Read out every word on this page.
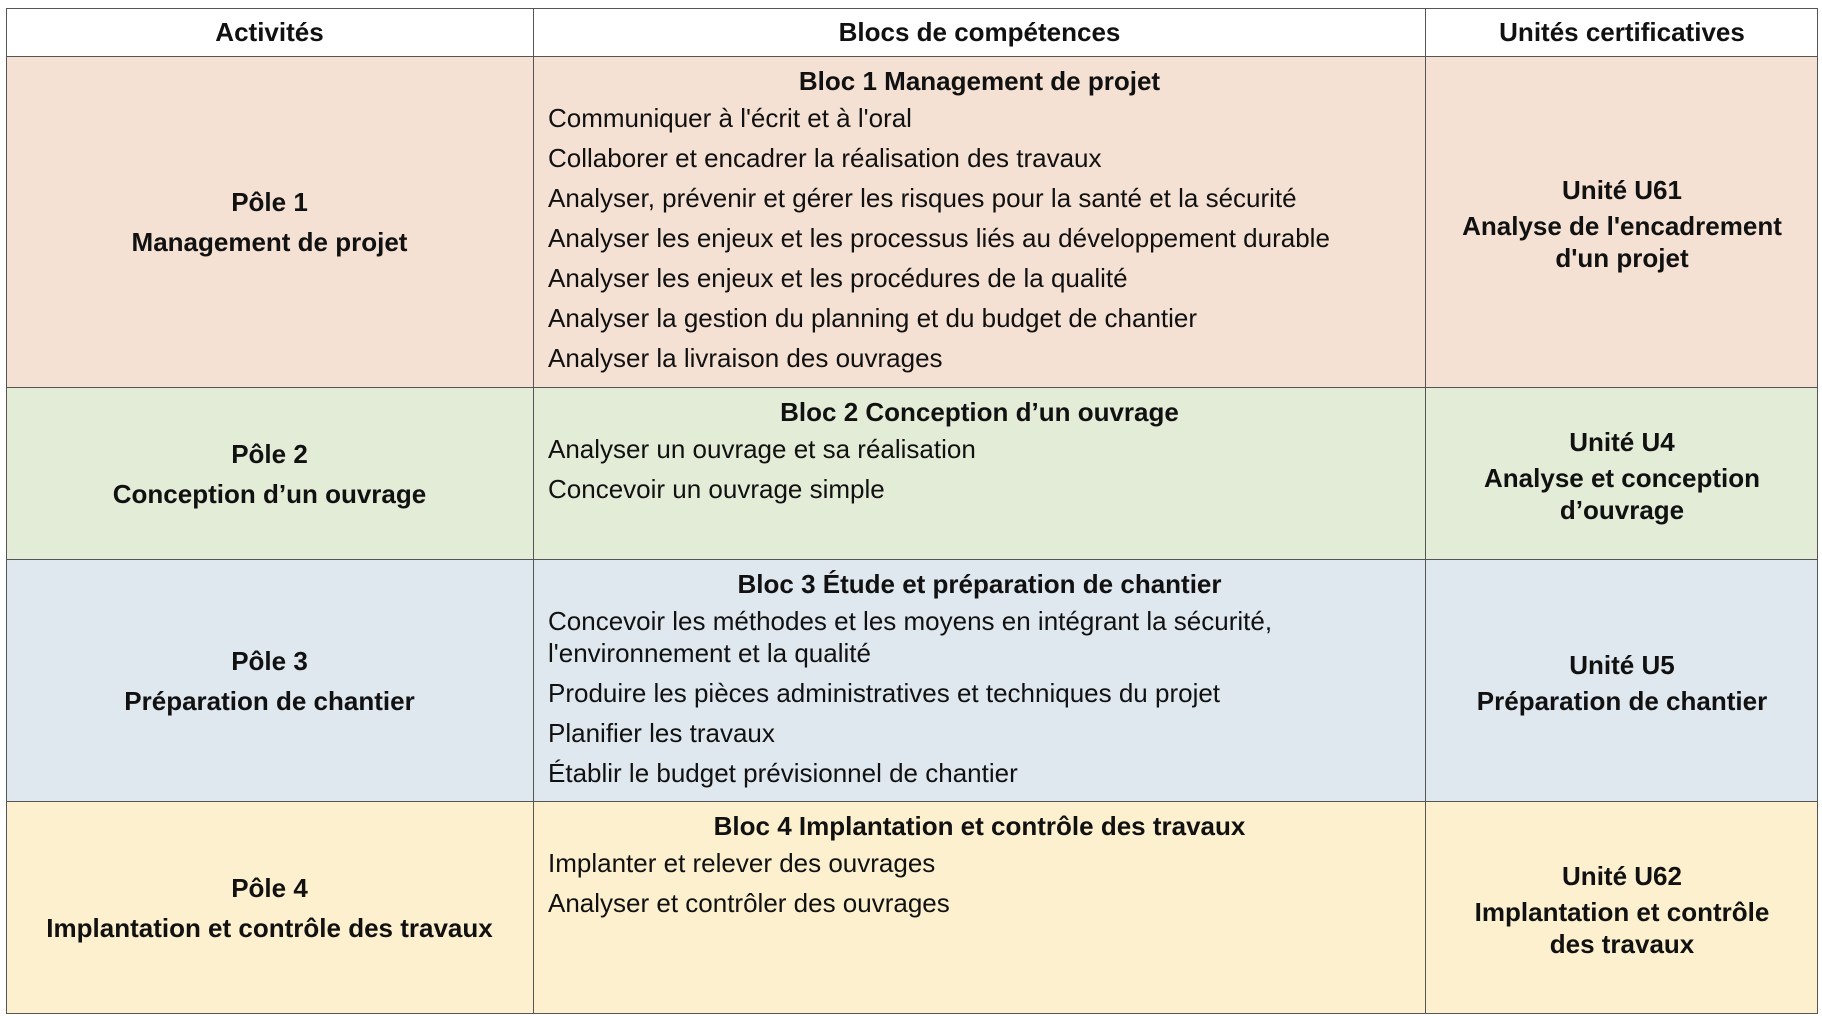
Activités	Blocs de compétences	Unités certificatives
Pôle 1
Management de projet
Bloc 1 Management de projet
Communiquer à l'écrit et à l'oral
Collaborer et encadrer la réalisation des travaux
Analyser, prévenir et gérer les risques pour la santé et la sécurité
Analyser les enjeux et les processus liés au développement durable
Analyser les enjeux et les procédures de la qualité
Analyser la gestion du planning et du budget de chantier
Analyser la livraison des ouvrages
Unité U61
Analyse de l'encadrement d'un projet
Pôle 2
Conception d’un ouvrage
Bloc 2 Conception d’un ouvrage
Analyser un ouvrage et sa réalisation
Concevoir un ouvrage simple
Unité U4
Analyse et conception d’ouvrage
Pôle 3
Préparation de chantier
Bloc 3 Étude et préparation de chantier
Concevoir les méthodes et les moyens en intégrant la sécurité, l'environnement et la qualité
Produire les pièces administratives et techniques du projet
Planifier les travaux
Établir le budget prévisionnel de chantier
Unité U5
Préparation de chantier
Pôle 4
Implantation et contrôle des travaux
Bloc 4 Implantation et contrôle des travaux
Implanter et relever des ouvrages
Analyser et contrôler des ouvrages
Unité U62
Implantation et contrôle des travaux
